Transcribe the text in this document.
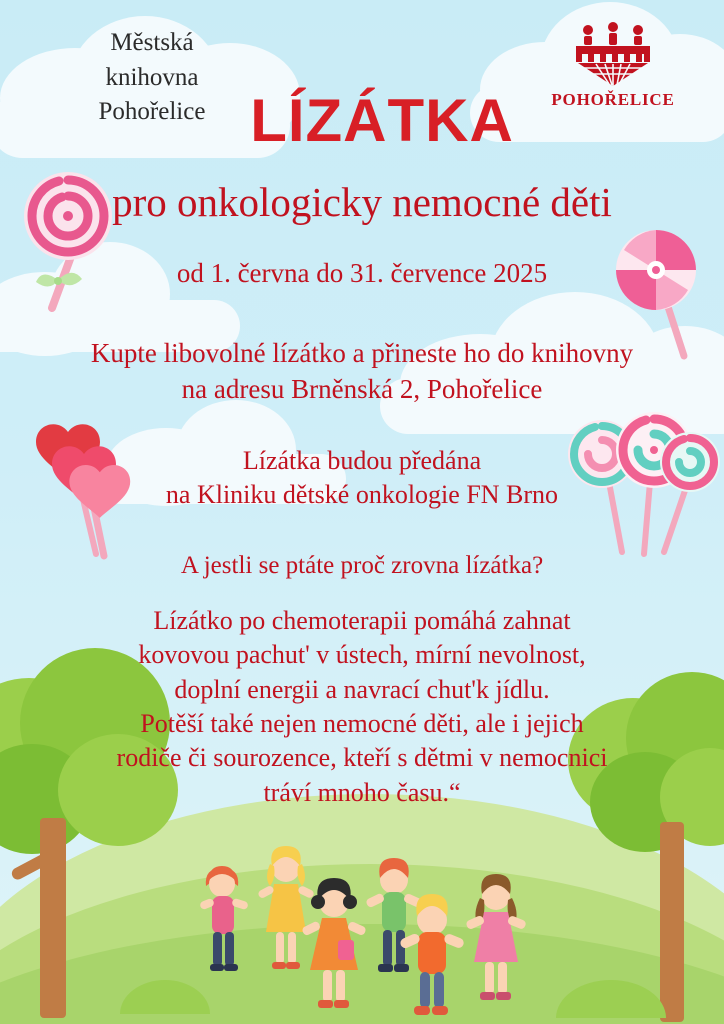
Městská
knihovna
Pohořelice	POHOŘELICE
LÍZÁTKA
pro onkologicky nemocné děti
od 1. června do 31. července 2025
Kupte libovolné lízátko a přineste ho do knihovny
na adresu Brněnská 2, Pohořelice
Lízátka budou předána
na Kliniku dětské onkologie FN Brno
A jestli se ptáte proč zrovna lízátka?
Lízátko po chemoterapii pomáhá zahnat
kovovou pachut' v ústech, mírní nevolnost,
doplní energii a navrací chut'k jídlu.
Potěší také nejen nemocné děti, ale i jejich
rodiče či sourozence, kteří s dětmi v nemocnici
tráví mnoho času.“
